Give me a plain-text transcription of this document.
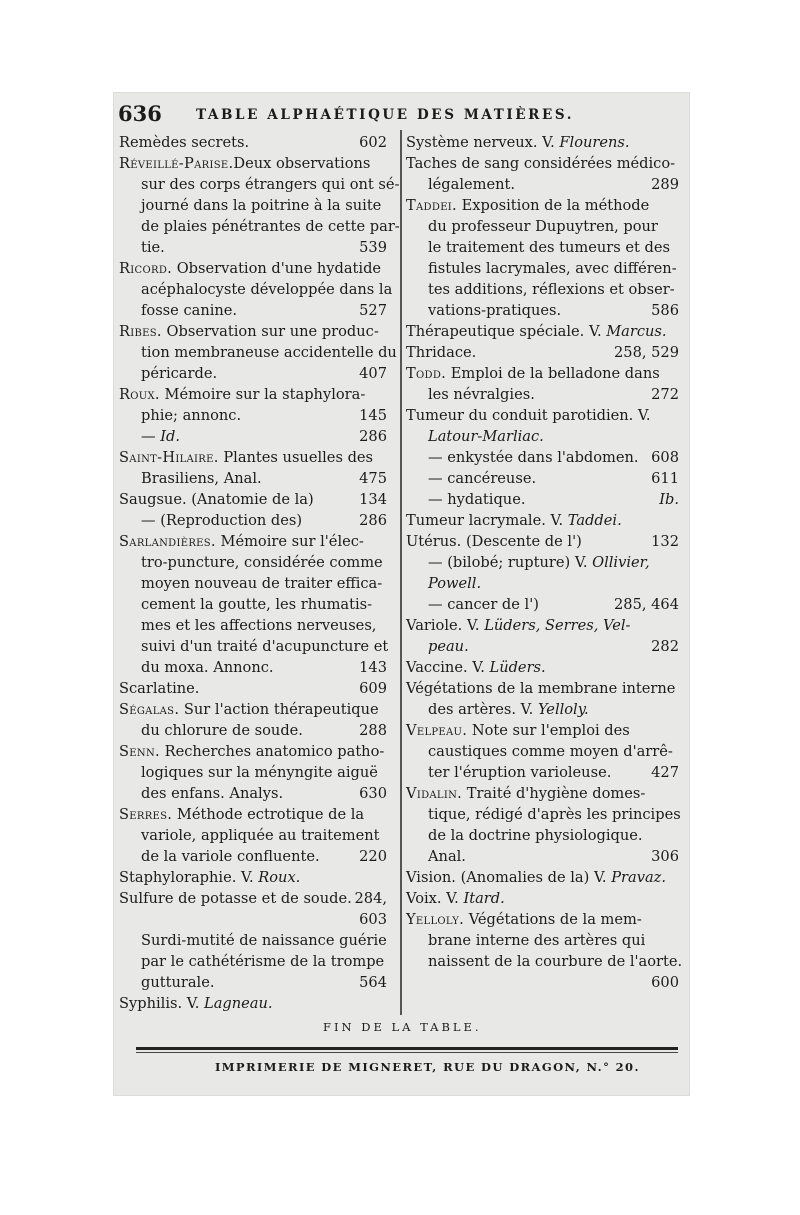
636	TABLE ALPHAÉTIQUE DES MATIÈRES.
Remèdes secrets.	602
Réveillé-Parise.Deux observations
sur des corps étrangers qui ont sé-
journé dans la poitrine à la suite
de plaies pénétrantes de cette par-
tie.	539
Ricord. Observation d'une hydatide
acéphalocyste développée dans la
fosse canine.	527
Ribes. Observation sur une produc-
tion membraneuse accidentelle du
péricarde.	407
Roux. Mémoire sur la staphylora-
phie; annonc.	145
— Id.	286
Saint-Hilaire. Plantes usuelles des
Brasiliens, Anal.	475
Saugsue. (Anatomie de la)	134
— (Reproduction des)	286
Sarlandières. Mémoire sur l'élec-
tro-puncture, considérée comme
moyen nouveau de traiter effica-
cement la goutte, les rhumatis-
mes et les affections nerveuses,
suivi d'un traité d'acupuncture et
du moxa. Annonc.	143
Scarlatine.	609
Ségalas. Sur l'action thérapeutique
du chlorure de soude.	288
Senn. Recherches anatomico patho-
logiques sur la ményngite aiguë
des enfans. Analys.	630
Serres. Méthode ectrotique de la
variole, appliquée au traitement
de la variole confluente.	220
Staphyloraphie. V. Roux.
Sulfure de potasse et de soude. 284,
603
Surdi-mutité de naissance guérie
par le cathétérisme de la trompe
gutturale.	564
Syphilis. V. Lagneau.
Système nerveux. V. Flourens.
Taches de sang considérées médico-
légalement.	289
Taddei. Exposition de la méthode
du professeur Dupuytren, pour
le traitement des tumeurs et des
fistules lacrymales, avec différen-
tes additions, réflexions et obser-
vations-pratiques.	586
Thérapeutique spéciale. V. Marcus.
Thridace.	258, 529
Todd. Emploi de la belladone dans
les névralgies.	272
Tumeur du conduit parotidien. V.
Latour-Marliac.
— enkystée dans l'abdomen. 608
— cancéreuse.	611
— hydatique.	Ib.
Tumeur lacrymale. V. Taddei.
Utérus. (Descente de l')	132
— (bilobé; rupture) V. Ollivier,
Powell.
— cancer de l')	285, 464
Variole. V. Lüders, Serres, Vel-
peau.	282
Vaccine. V. Lüders.
Végétations de la membrane interne
des artères. V. Yelloly.
Velpeau. Note sur l'emploi des
caustiques comme moyen d'arrê-
ter l'éruption varioleuse.	427
Vidalin. Traité d'hygiène domes-
tique, rédigé d'après les principes
de la doctrine physiologique.
Anal.	306
Vision. (Anomalies de la) V. Pravaz.
Voix. V. Itard.
Yelloly. Végétations de la mem-
brane interne des artères qui
naissent de la courbure de l'aorte.
600
FIN DE LA TABLE.
IMPRIMERIE DE MIGNERET, RUE DU DRAGON, N.° 20.
